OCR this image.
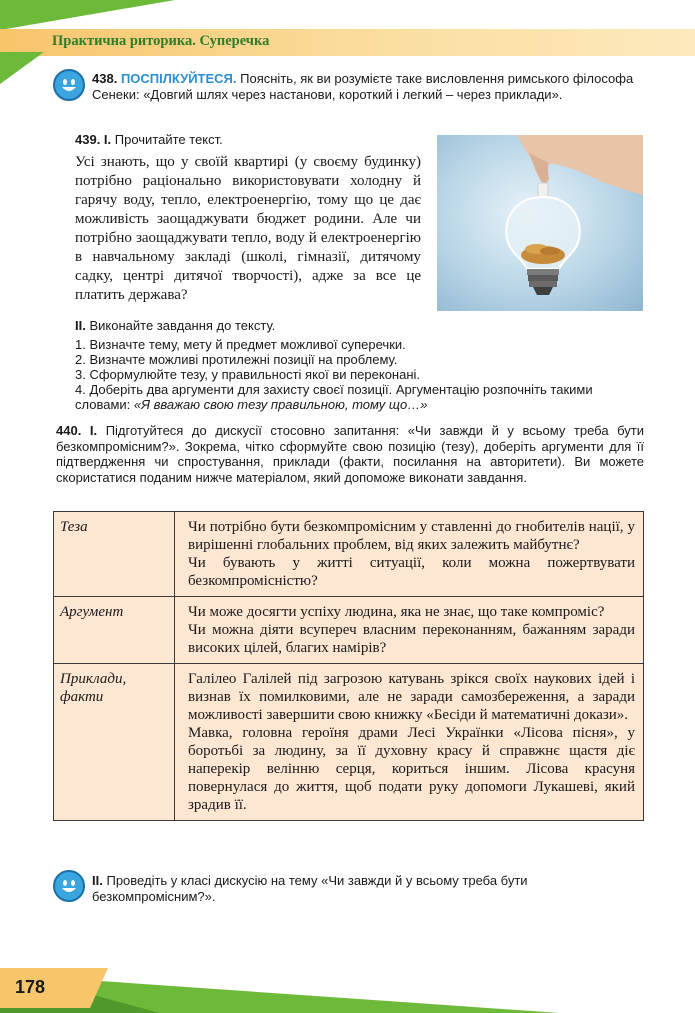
Практична риторика. Суперечка
438. ПОСПІЛКУЙТЕСЯ. Поясніть, як ви розумієте таке висловлення римського філософа Сенеки: «Довгий шлях через настанови, короткий і легкий – через приклади».
439. І. Прочитайте текст.

Усі знають, що у своїй квартирі (у своєму будинку) потрібно раціонально використовувати холодну й гарячу воду, тепло, електроенергію, тому що це дає можливість заощаджувати бюджет родини. Але чи потрібно заощаджувати тепло, воду й електроенергію в навчальному закладі (школі, гімназії, дитячому садку, центрі дитячої творчості), адже за все це платить держава?

ІІ. Виконайте завдання до тексту.
1. Визначте тему, мету й предмет можливої суперечки.
2. Визначте можливі протилежні позиції на проблему.
3. Сформулюйте тезу, у правильності якої ви переконані.
4. Доберіть два аргументи для захисту своєї позиції. Аргументацію розпочніть такими словами: «Я вважаю свою тезу правильною, тому що…»
440. І. Підготуйтеся до дискусії стосовно запитання: «Чи завжди й у всьому треба бути безкомпромісним?». Зокрема, чітко сформуйте свою позицію (тезу), доберіть аргументи для її підтвердження чи спростування, приклади (факти, посилання на авторитети). Ви можете скористатися поданим нижче матеріалом, який допоможе виконати завдання.
Теза	Чи потрібно бути безкомпромісним у ставленні до гнобителів нації, у вирішенні глобальних проблем, від яких залежить майбутнє?
Чи бувають у житті ситуації, коли можна пожертвувати безкомпромісністю?

Аргумент	Чи може досягти успіху людина, яка не знає, що таке компроміс?
Чи можна діяти всупереч власним переконанням, бажанням заради високих цілей, благих намірів?

Приклади, факти	Галілео Галілей під загрозою катувань зрікся своїх наукових ідей і визнав їх помилковими, але не заради самозбереження, а заради можливості завершити свою книжку «Бесіди й математичні докази».
Мавка, головна героїня драми Лесі Українки «Лісова пісня», у боротьбі за людину, за її духовну красу й справжнє щастя діє наперекір велінню серця, кориться іншим. Лісова красуня повернулася до життя, щоб подати руку допомоги Лукашеві, який зрадив її.
ІІ. Проведіть у класі дискусію на тему «Чи завжди й у всьому треба бути безкомпромісним?».
178
